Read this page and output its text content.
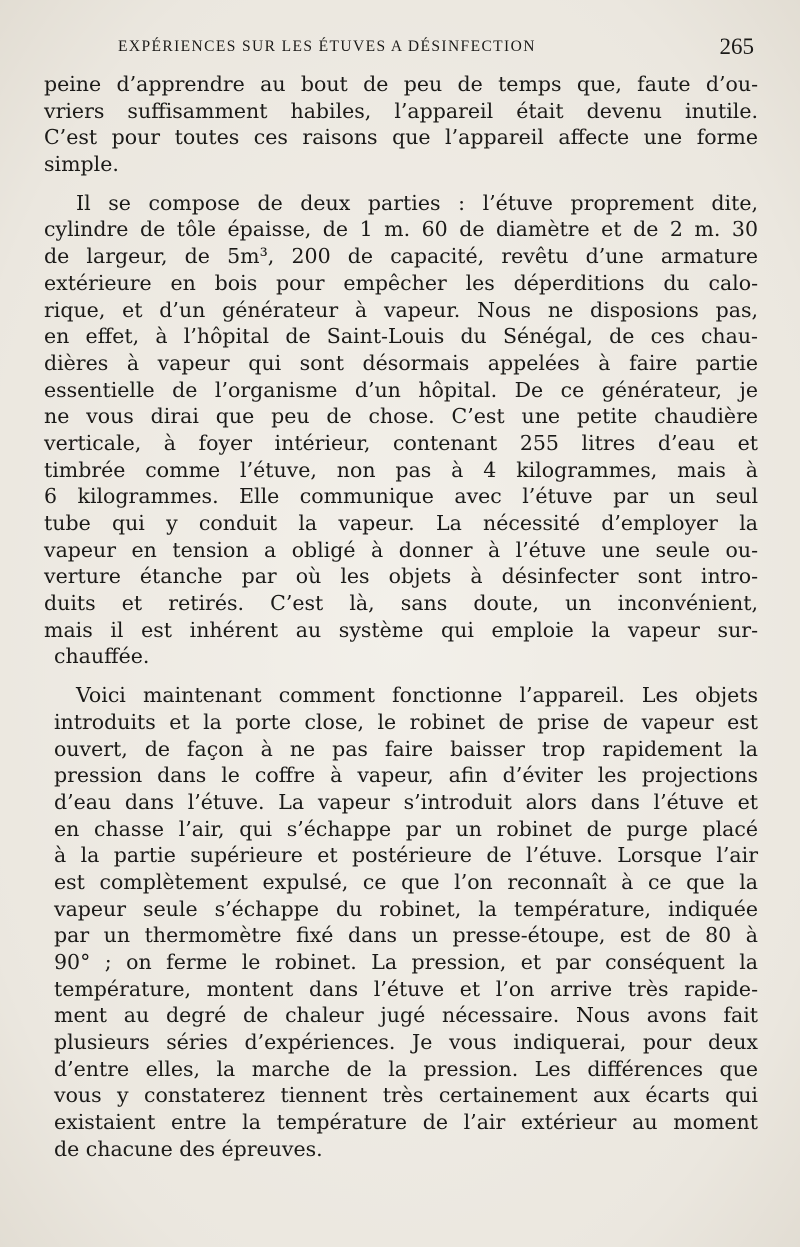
EXPÉRIENCES SUR LES ÉTUVES A DÉSINFECTION	265
peine d’apprendre au bout de peu de temps que, faute d’ou-
vriers suffisamment habiles, l’appareil était devenu inutile.
C’est pour toutes ces raisons que l’appareil affecte une forme
simple.
Il se compose de deux parties : l’étuve proprement dite,
cylindre de tôle épaisse, de 1 m. 60 de diamètre et de 2 m. 30
de largeur, de 5m³, 200 de capacité, revêtu d’une armature
extérieure en bois pour empêcher les déperditions du calo-
rique, et d’un générateur à vapeur. Nous ne disposions pas,
en effet, à l’hôpital de Saint-Louis du Sénégal, de ces chau-
dières à vapeur qui sont désormais appelées à faire partie
essentielle de l’organisme d’un hôpital. De ce générateur, je
ne vous dirai que peu de chose. C’est une petite chaudière
verticale, à foyer intérieur, contenant 255 litres d’eau et
timbrée comme l’étuve, non pas à 4 kilogrammes, mais à
6 kilogrammes. Elle communique avec l’étuve par un seul
tube qui y conduit la vapeur. La nécessité d’employer la
vapeur en tension a obligé à donner à l’étuve une seule ou-
verture étanche par où les objets à désinfecter sont intro-
duits et retirés. C’est là, sans doute, un inconvénient,
mais il est inhérent au système qui emploie la vapeur sur-
chauffée.
Voici maintenant comment fonctionne l’appareil. Les objets
introduits et la porte close, le robinet de prise de vapeur est
ouvert, de façon à ne pas faire baisser trop rapidement la
pression dans le coffre à vapeur, afin d’éviter les projections
d’eau dans l’étuve. La vapeur s’introduit alors dans l’étuve et
en chasse l’air, qui s’échappe par un robinet de purge placé
à la partie supérieure et postérieure de l’étuve. Lorsque l’air
est complètement expulsé, ce que l’on reconnaît à ce que la
vapeur seule s’échappe du robinet, la température, indiquée
par un thermomètre fixé dans un presse-étoupe, est de 80 à
90° ; on ferme le robinet. La pression, et par conséquent la
température, montent dans l’étuve et l’on arrive très rapide-
ment au degré de chaleur jugé nécessaire. Nous avons fait
plusieurs séries d’expériences. Je vous indiquerai, pour deux
d’entre elles, la marche de la pression. Les différences que
vous y constaterez tiennent très certainement aux écarts qui
existaient entre la température de l’air extérieur au moment
de chacune des épreuves.
